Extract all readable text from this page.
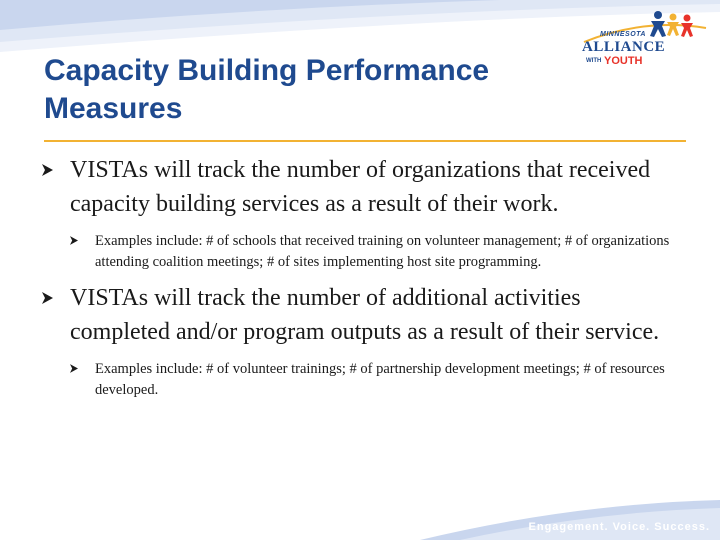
MINNESOTA
ALLIANCE
WITH YOUTH
Capacity Building Performance Measures

VISTAs will track the number of organizations that received capacity building services as a result of their work.

Examples include: # of schools that received training on volunteer management; # of organizations attending coalition meetings; # of sites implementing host site programming.

VISTAs will track the number of additional activities completed and/or program outputs as a result of their service.

Examples include: # of volunteer trainings; # of partnership development meetings; # of resources developed.

Engagement. Voice. Success.
